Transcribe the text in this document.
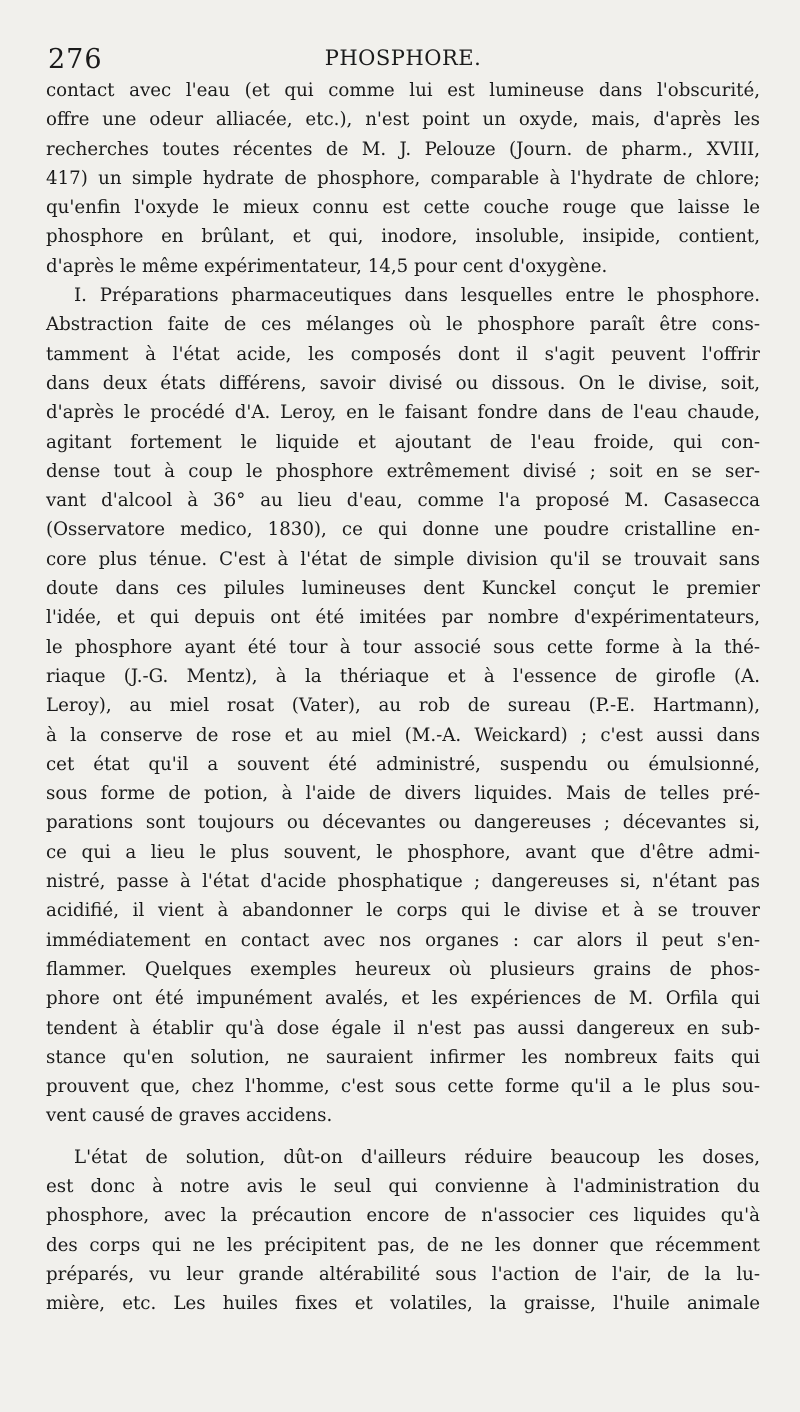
276	PHOSPHORE.
contact avec l'eau (et qui comme lui est lumineuse dans l'obscurité,
offre une odeur alliacée, etc.), n'est point un oxyde, mais, d'après les
recherches toutes récentes de M. J. Pelouze (Journ. de pharm., XVIII,
417) un simple hydrate de phosphore, comparable à l'hydrate de chlore;
qu'enfin l'oxyde le mieux connu est cette couche rouge que laisse le
phosphore en brûlant, et qui, inodore, insoluble, insipide, contient,
d'après le même expérimentateur, 14,5 pour cent d'oxygène.
I. Préparations pharmaceutiques dans lesquelles entre le phosphore.
Abstraction faite de ces mélanges où le phosphore paraît être cons-
tamment à l'état acide, les composés dont il s'agit peuvent l'offrir
dans deux états différens, savoir divisé ou dissous. On le divise, soit,
d'après le procédé d'A. Leroy, en le faisant fondre dans de l'eau chaude,
agitant fortement le liquide et ajoutant de l'eau froide, qui con-
dense tout à coup le phosphore extrêmement divisé ; soit en se ser-
vant d'alcool à 36° au lieu d'eau, comme l'a proposé M. Casasecca
(Osservatore medico, 1830), ce qui donne une poudre cristalline en-
core plus ténue. C'est à l'état de simple division qu'il se trouvait sans
doute dans ces pilules lumineuses dent Kunckel conçut le premier
l'idée, et qui depuis ont été imitées par nombre d'expérimentateurs,
le phosphore ayant été tour à tour associé sous cette forme à la thé-
riaque (J.-G. Mentz), à la thériaque et à l'essence de girofle (A.
Leroy), au miel rosat (Vater), au rob de sureau (P.-E. Hartmann),
à la conserve de rose et au miel (M.-A. Weickard) ; c'est aussi dans
cet état qu'il a souvent été administré, suspendu ou émulsionné,
sous forme de potion, à l'aide de divers liquides. Mais de telles pré-
parations sont toujours ou décevantes ou dangereuses ; décevantes si,
ce qui a lieu le plus souvent, le phosphore, avant que d'être admi-
nistré, passe à l'état d'acide phosphatique ; dangereuses si, n'étant pas
acidifié, il vient à abandonner le corps qui le divise et à se trouver
immédiatement en contact avec nos organes : car alors il peut s'en-
flammer. Quelques exemples heureux où plusieurs grains de phos-
phore ont été impunément avalés, et les expériences de M. Orfila qui
tendent à établir qu'à dose égale il n'est pas aussi dangereux en sub-
stance qu'en solution, ne sauraient infirmer les nombreux faits qui
prouvent que, chez l'homme, c'est sous cette forme qu'il a le plus sou-
vent causé de graves accidens.
L'état de solution, dût-on d'ailleurs réduire beaucoup les doses,
est donc à notre avis le seul qui convienne à l'administration du
phosphore, avec la précaution encore de n'associer ces liquides qu'à
des corps qui ne les précipitent pas, de ne les donner que récemment
préparés, vu leur grande altérabilité sous l'action de l'air, de la lu-
mière, etc. Les huiles fixes et volatiles, la graisse, l'huile animale
